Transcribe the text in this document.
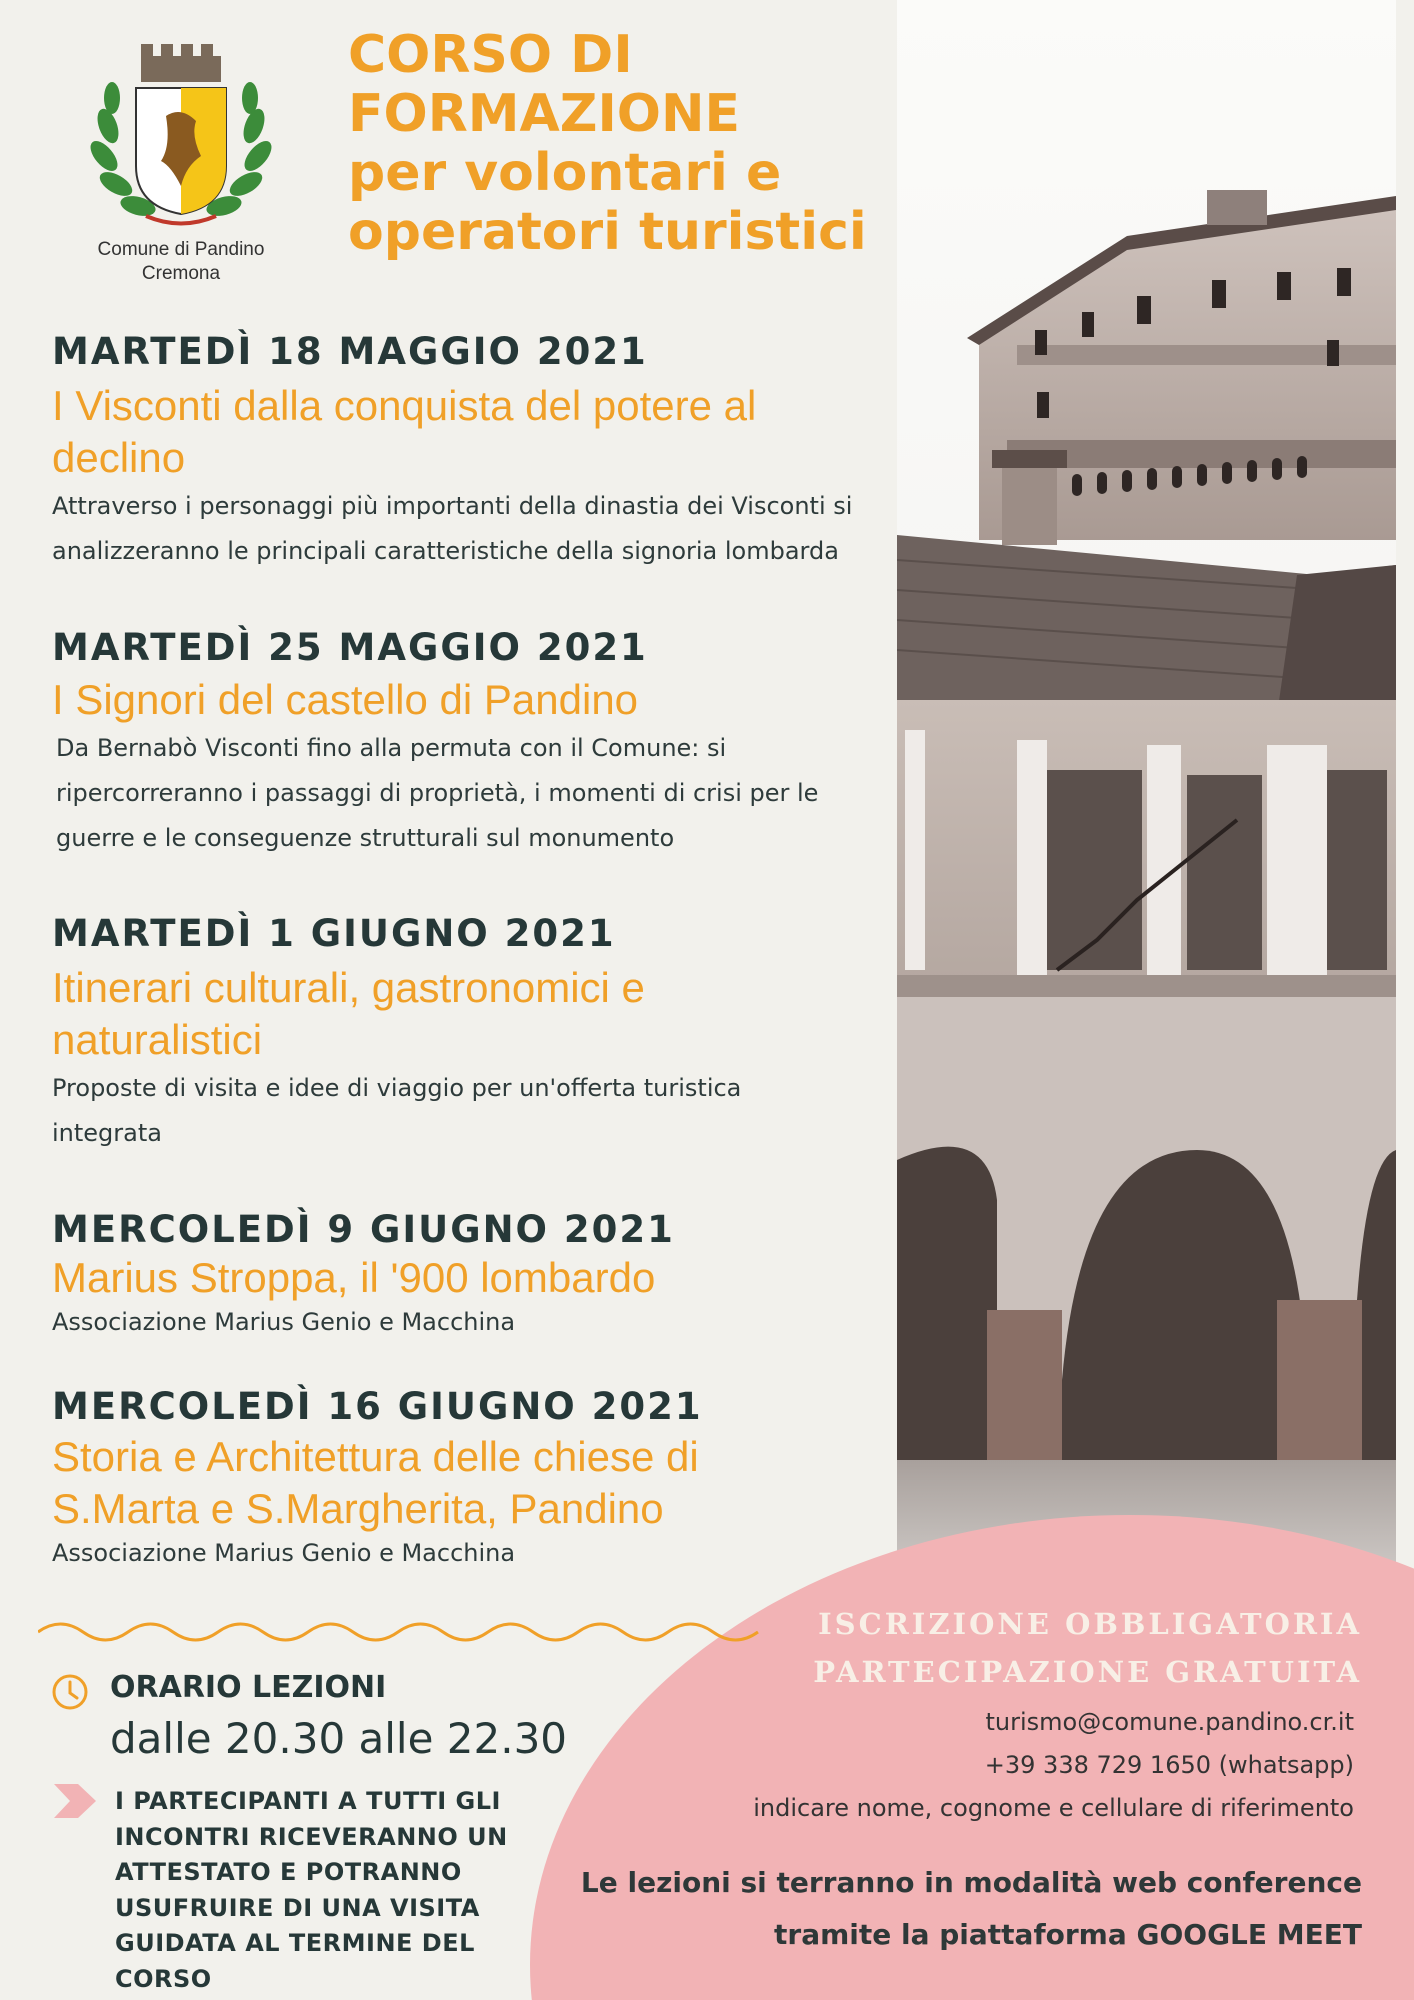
Comune di Pandino
Cremona
CORSO DI
FORMAZIONE
per volontari e
operatori turistici
MARTEDÌ 18 MAGGIO 2021
I Visconti dalla conquista del potere al
declino
Attraverso i personaggi più importanti della dinastia dei Visconti si
analizzeranno le principali caratteristiche della signoria lombarda
MARTEDÌ 25 MAGGIO 2021
I Signori del castello di Pandino
Da Bernabò Visconti fino alla permuta con il Comune: si
ripercorreranno i passaggi di proprietà, i momenti di crisi per le
guerre e le conseguenze strutturali sul monumento
MARTEDÌ 1 GIUGNO 2021
Itinerari culturali, gastronomici e
naturalistici
Proposte di visita e idee di viaggio per un'offerta turistica
integrata
MERCOLEDÌ 9 GIUGNO 2021
Marius Stroppa, il '900 lombardo
Associazione Marius Genio e Macchina
MERCOLEDÌ 16 GIUGNO 2021
Storia e Architettura delle chiese di
S.Marta e S.Margherita, Pandino
Associazione Marius Genio e Macchina
ORARIO LEZIONI
dalle 20.30 alle 22.30
I PARTECIPANTI A TUTTI GLI
INCONTRI RICEVERANNO UN
ATTESTATO E POTRANNO
USUFRUIRE DI UNA VISITA
GUIDATA AL TERMINE DEL CORSO
ISCRIZIONE OBBLIGATORIA
PARTECIPAZIONE GRATUITA
turismo@comune.pandino.cr.it
+39 338 729 1650 (whatsapp)
indicare nome, cognome e cellulare di riferimento
Le lezioni si terranno in modalità web conference
tramite la piattaforma GOOGLE MEET
